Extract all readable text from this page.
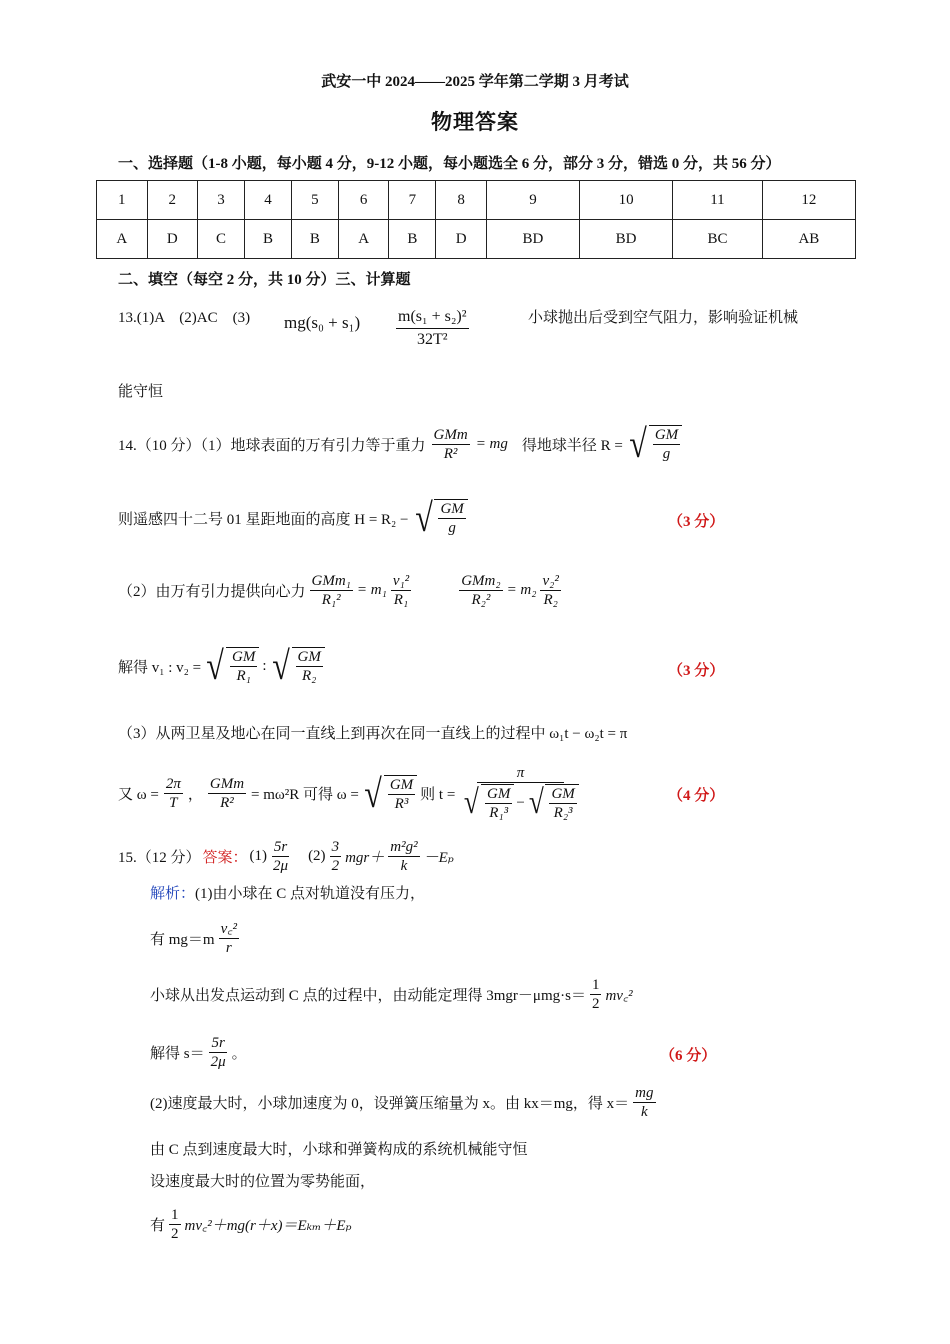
武安一中 2024——2025 学年第二学期 3 月考试
物理答案
一、选择题（1-8 小题，每小题 4 分，9-12 小题，每小题选全 6 分，部分 3 分，错选 0 分，共 56 分）
1	2	3	4	5	6	7	8	9	10	11	12
A	D	C	B	B	A	B	D	BD	BD	BC	AB
二、填空（每空 2 分，共 10 分）三、计算题
13.(1)A　(2)AC　(3) $mg(s_0 + s_1) \frac{\text{m(s₁ + s₂)²}}{\text{32T²}}$	小球抛出后受到空气阻力，影响验证机械
能守恒
14.（10 分）（1）地球表面的万有引力等于重力 $\frac{\text{GMm}}{\text{R²}}$ = mg 得地球半径 R = √ $\frac{GM}{g}$
则遥感四十二号 01 星距地面的高度 H = R₂ − √ $\frac{GM}{g}$	（3 分）
（2）由万有引力提供向心力 $\frac{\text{GMm₁}}{\text{R₁²}} = m_1 \frac{\text{v₁²}}{\text{R₁}}$	$\frac{\text{GMm₂}}{\text{R₂²}} = m_2 \frac{\text{v₂²}}{\text{R₂}}$
解得 v₁ : v₂ = √ $\frac{GM}{\text{R₁}}$ : √ $\frac{GM}{\text{R₂}}$	（3 分）
（3）从两卫星及地心在同一直线上到再次在同一直线上的过程中 ω₁t − ω₂t = π
又 $\omega = \frac{2\pi}{T}$ ， $\frac{\text{GMm}}{\text{R²}} = m\omega^2R$ 可得 ω = √ $\frac{GM}{\text{R³}}$ 则 $t = \frac{\pi}{√ \frac{GM}{\text{R₁³}} - √ \frac{GM}{\text{R₂³}}}$	（4 分）
15.（12 分） 答案： $(1) \frac{5r}{2\mu} (2) \frac{3}{2} mgr+ \frac{\text{m²g²}}{k} -E_p$
解析：(1)由小球在 C 点对轨道没有压力，
有 $mg=m \frac{\text{v꜀²}}{r}$
小球从出发点运动到 C 点的过程中，由动能定理得 $3mgr-\mu mg\cdot s= \frac{1}{2}$ mv꜀²
解得 $s= \frac{5r}{2\mu}$ 。	（6 分）
(2)速度最大时，小球加速度为 0，设弹簧压缩量为 x。由 kx＝mg，得 $x= \frac{mg}{k}$
由 C 点到速度最大时，小球和弹簧构成的系统机械能守恒
设速度最大时的位置为零势能面，
有 $\frac{1}{2}$ mv꜀²＋mg(r＋x)＝Eₖₘ＋Eₚ
